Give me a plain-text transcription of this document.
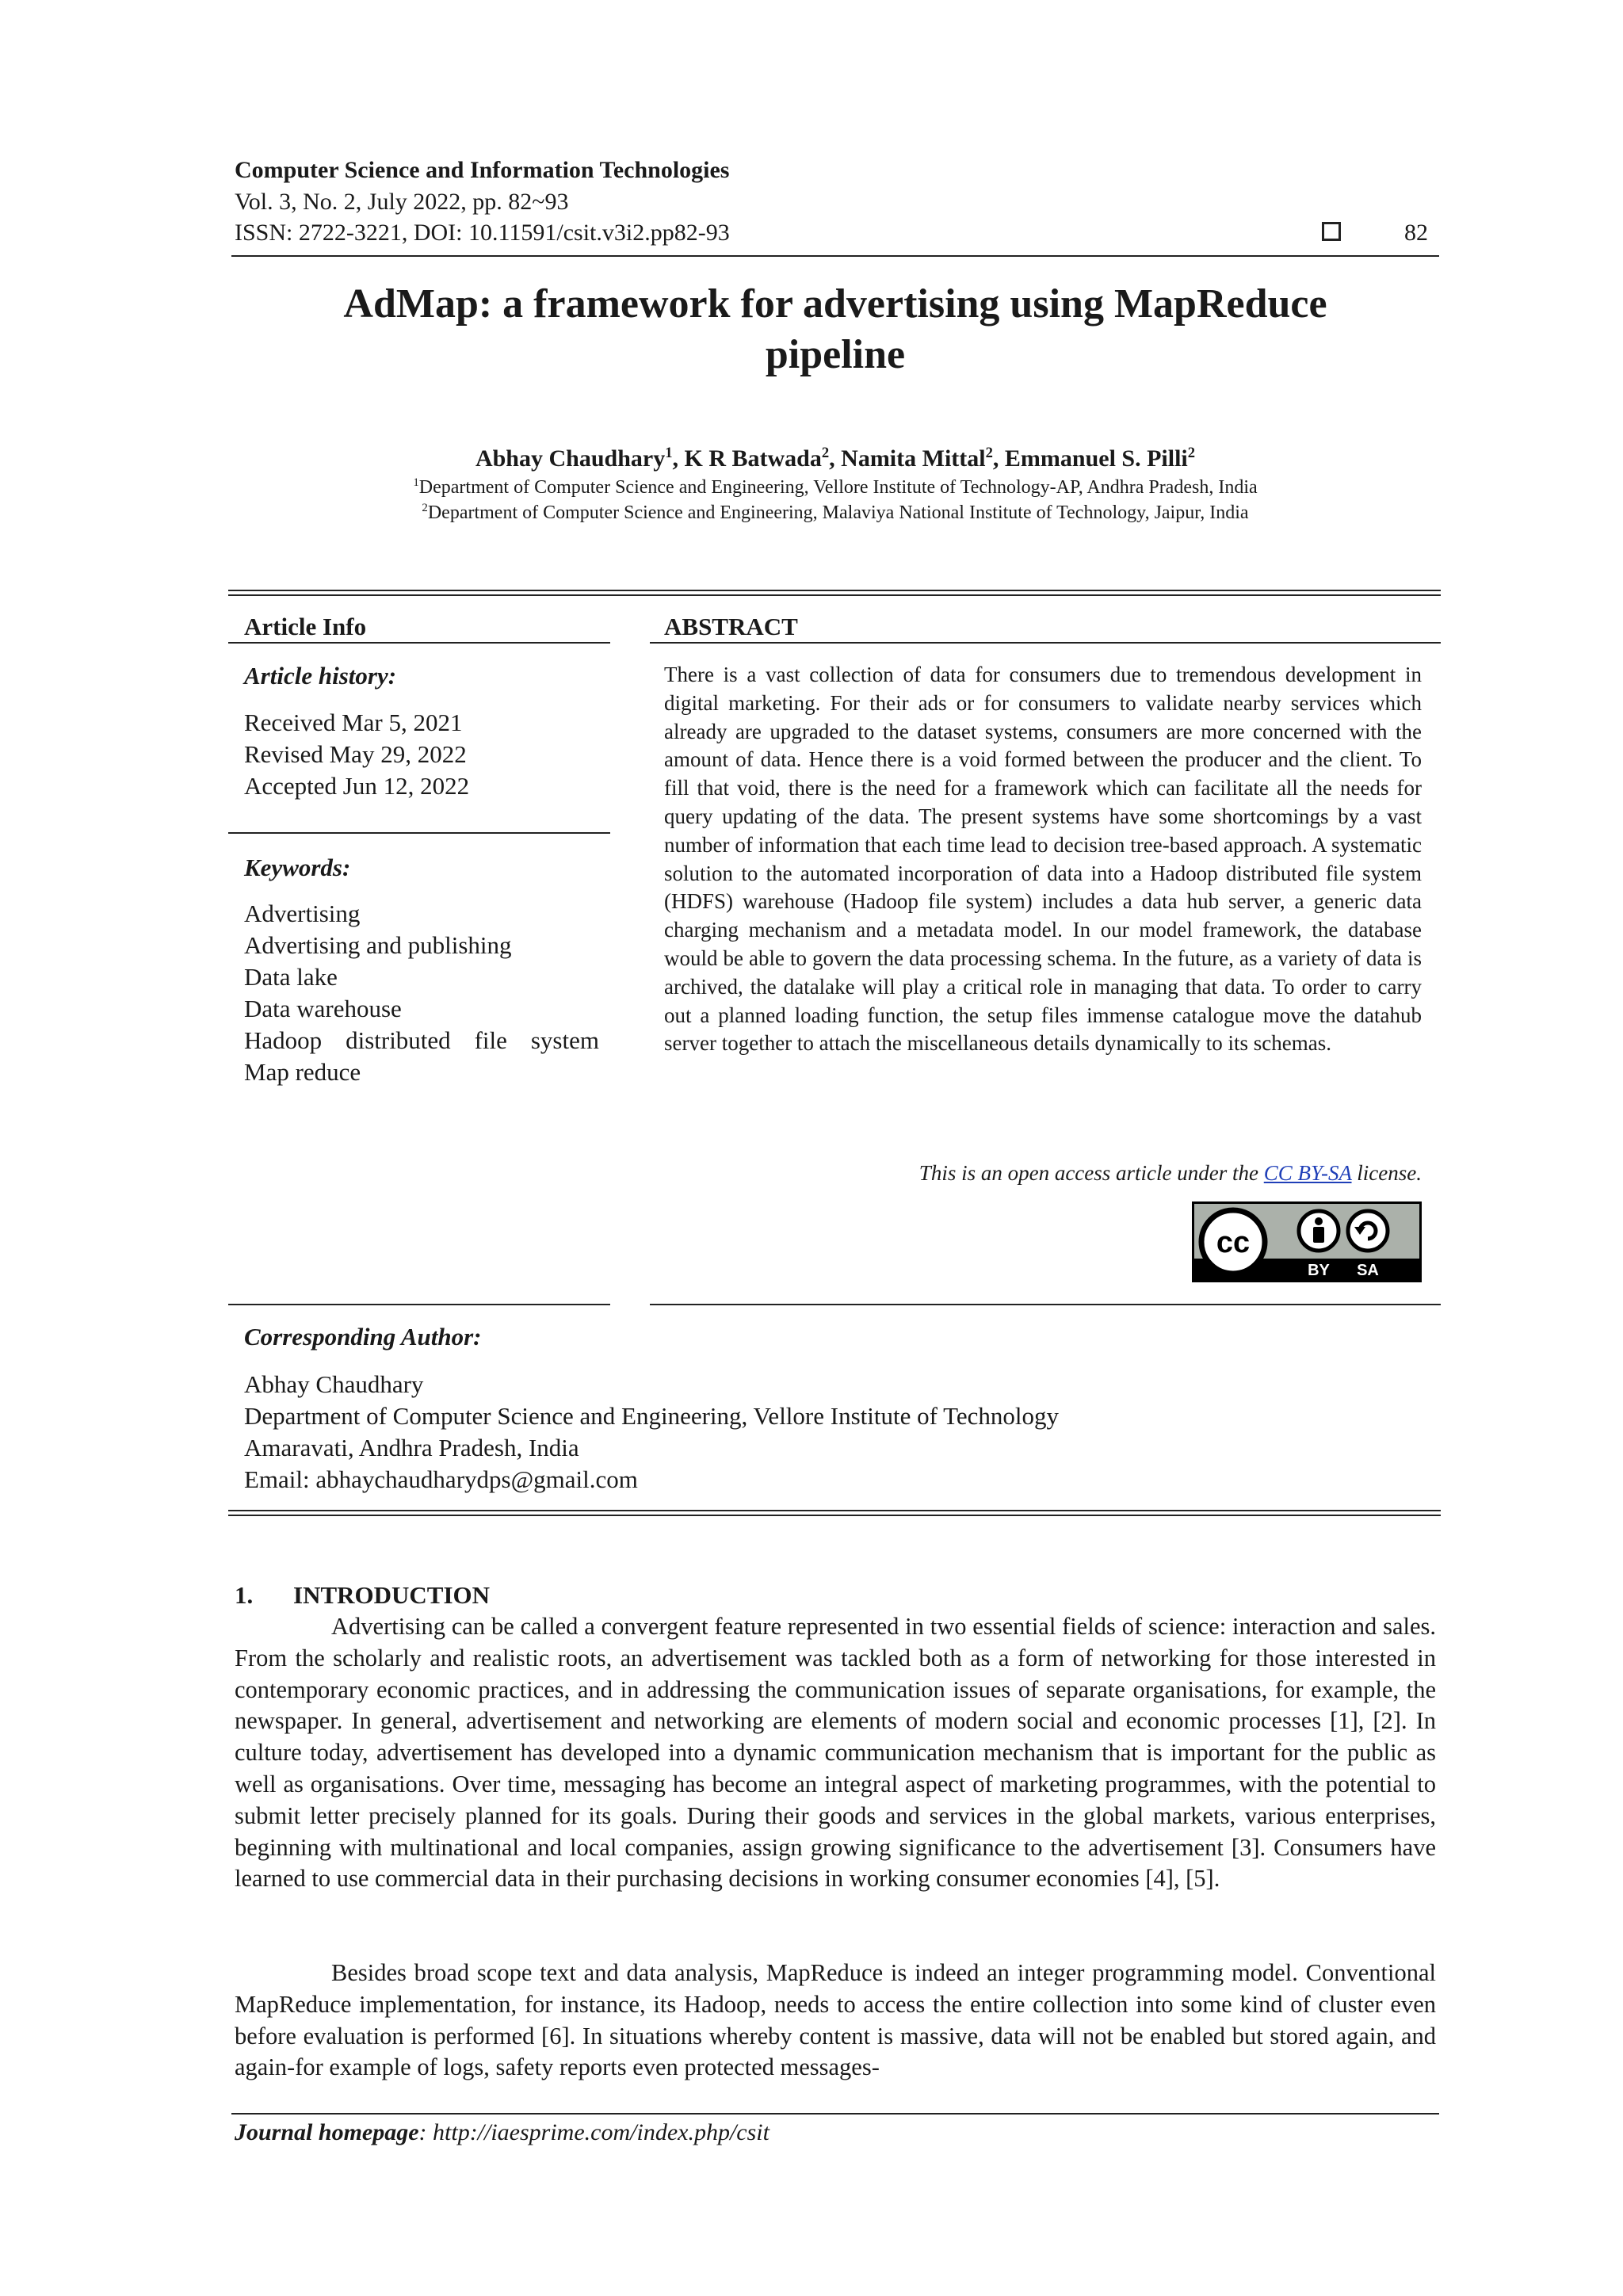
Computer Science and Information Technologies
Vol. 3, No. 2, July 2022, pp. 82~93
ISSN: 2722-3221, DOI: 10.11591/csit.v3i2.pp82-93	82
AdMap: a framework for advertising using MapReduce
pipeline
Abhay Chaudhary$^1$, K R Batwada$^2$, Namita Mittal$^2$, Emmanuel S. Pilli$^2$
$^1$Department of Computer Science and Engineering, Vellore Institute of Technology-AP, Andhra Pradesh, India
$^2$Department of Computer Science and Engineering, Malaviya National Institute of Technology, Jaipur, India
Article Info
Article history:
Received Mar 5, 2021
Revised May 29, 2022
Accepted Jun 12, 2022
Keywords:
Advertising
Advertising and publishing
Data lake
Data warehouse
Hadoop distributed file system
Map reduce
ABSTRACT
There is a vast collection of data for consumers due to tremendous development in digital marketing. For their ads or for consumers to validate nearby services which already are upgraded to the dataset systems, consumers are more concerned with the amount of data. Hence there is a void formed between the producer and the client. To fill that void, there is the need for a framework which can facilitate all the needs for query updating of the data. The present systems have some shortcomings by a vast number of information that each time lead to decision tree-based approach. A systematic solution to the automated incorporation of data into a Hadoop distributed file system (HDFS) warehouse (Hadoop file system) includes a data hub server, a generic data charging mechanism and a metadata model. In our model framework, the database would be able to govern the data processing schema. In the future, as a variety of data is archived, the datalake will play a critical role in managing that data. To order to carry out a planned loading function, the setup files immense catalogue move the datahub server together to attach the miscellaneous details dynamically to its schemas.
This is an open access article under the CC BY-SA license.
cc
BY SA
Corresponding Author:
Abhay Chaudhary
Department of Computer Science and Engineering, Vellore Institute of Technology
Amaravati, Andhra Pradesh, India
Email: abhaychaudharydps@gmail.com
1. INTRODUCTION

Advertising can be called a convergent feature represented in two essential fields of science: interaction and sales. From the scholarly and realistic roots, an advertisement was tackled both as a form of networking for those interested in contemporary economic practices, and in addressing the communication issues of separate organisations, for example, the newspaper. In general, advertisement and networking are elements of modern social and economic processes [1], [2]. In culture today, advertisement has developed into a dynamic communication mechanism that is important for the public as well as organisations. Over time, messaging has become an integral aspect of marketing programmes, with the potential to submit letter precisely planned for its goals. During their goods and services in the global markets, various enterprises, beginning with multinational and local companies, assign growing significance to the advertisement [3]. Consumers have learned to use commercial data in their purchasing decisions in working consumer economies [4], [5].

Besides broad scope text and data analysis, MapReduce is indeed an integer programming model. Conventional MapReduce implementation, for instance, its Hadoop, needs to access the entire collection into some kind of cluster even before evaluation is performed [6]. In situations whereby content is massive, data will not be enabled but stored again, and again-for example of logs, safety reports even protected messages-

Journal homepage: http://iaesprime.com/index.php/csit
